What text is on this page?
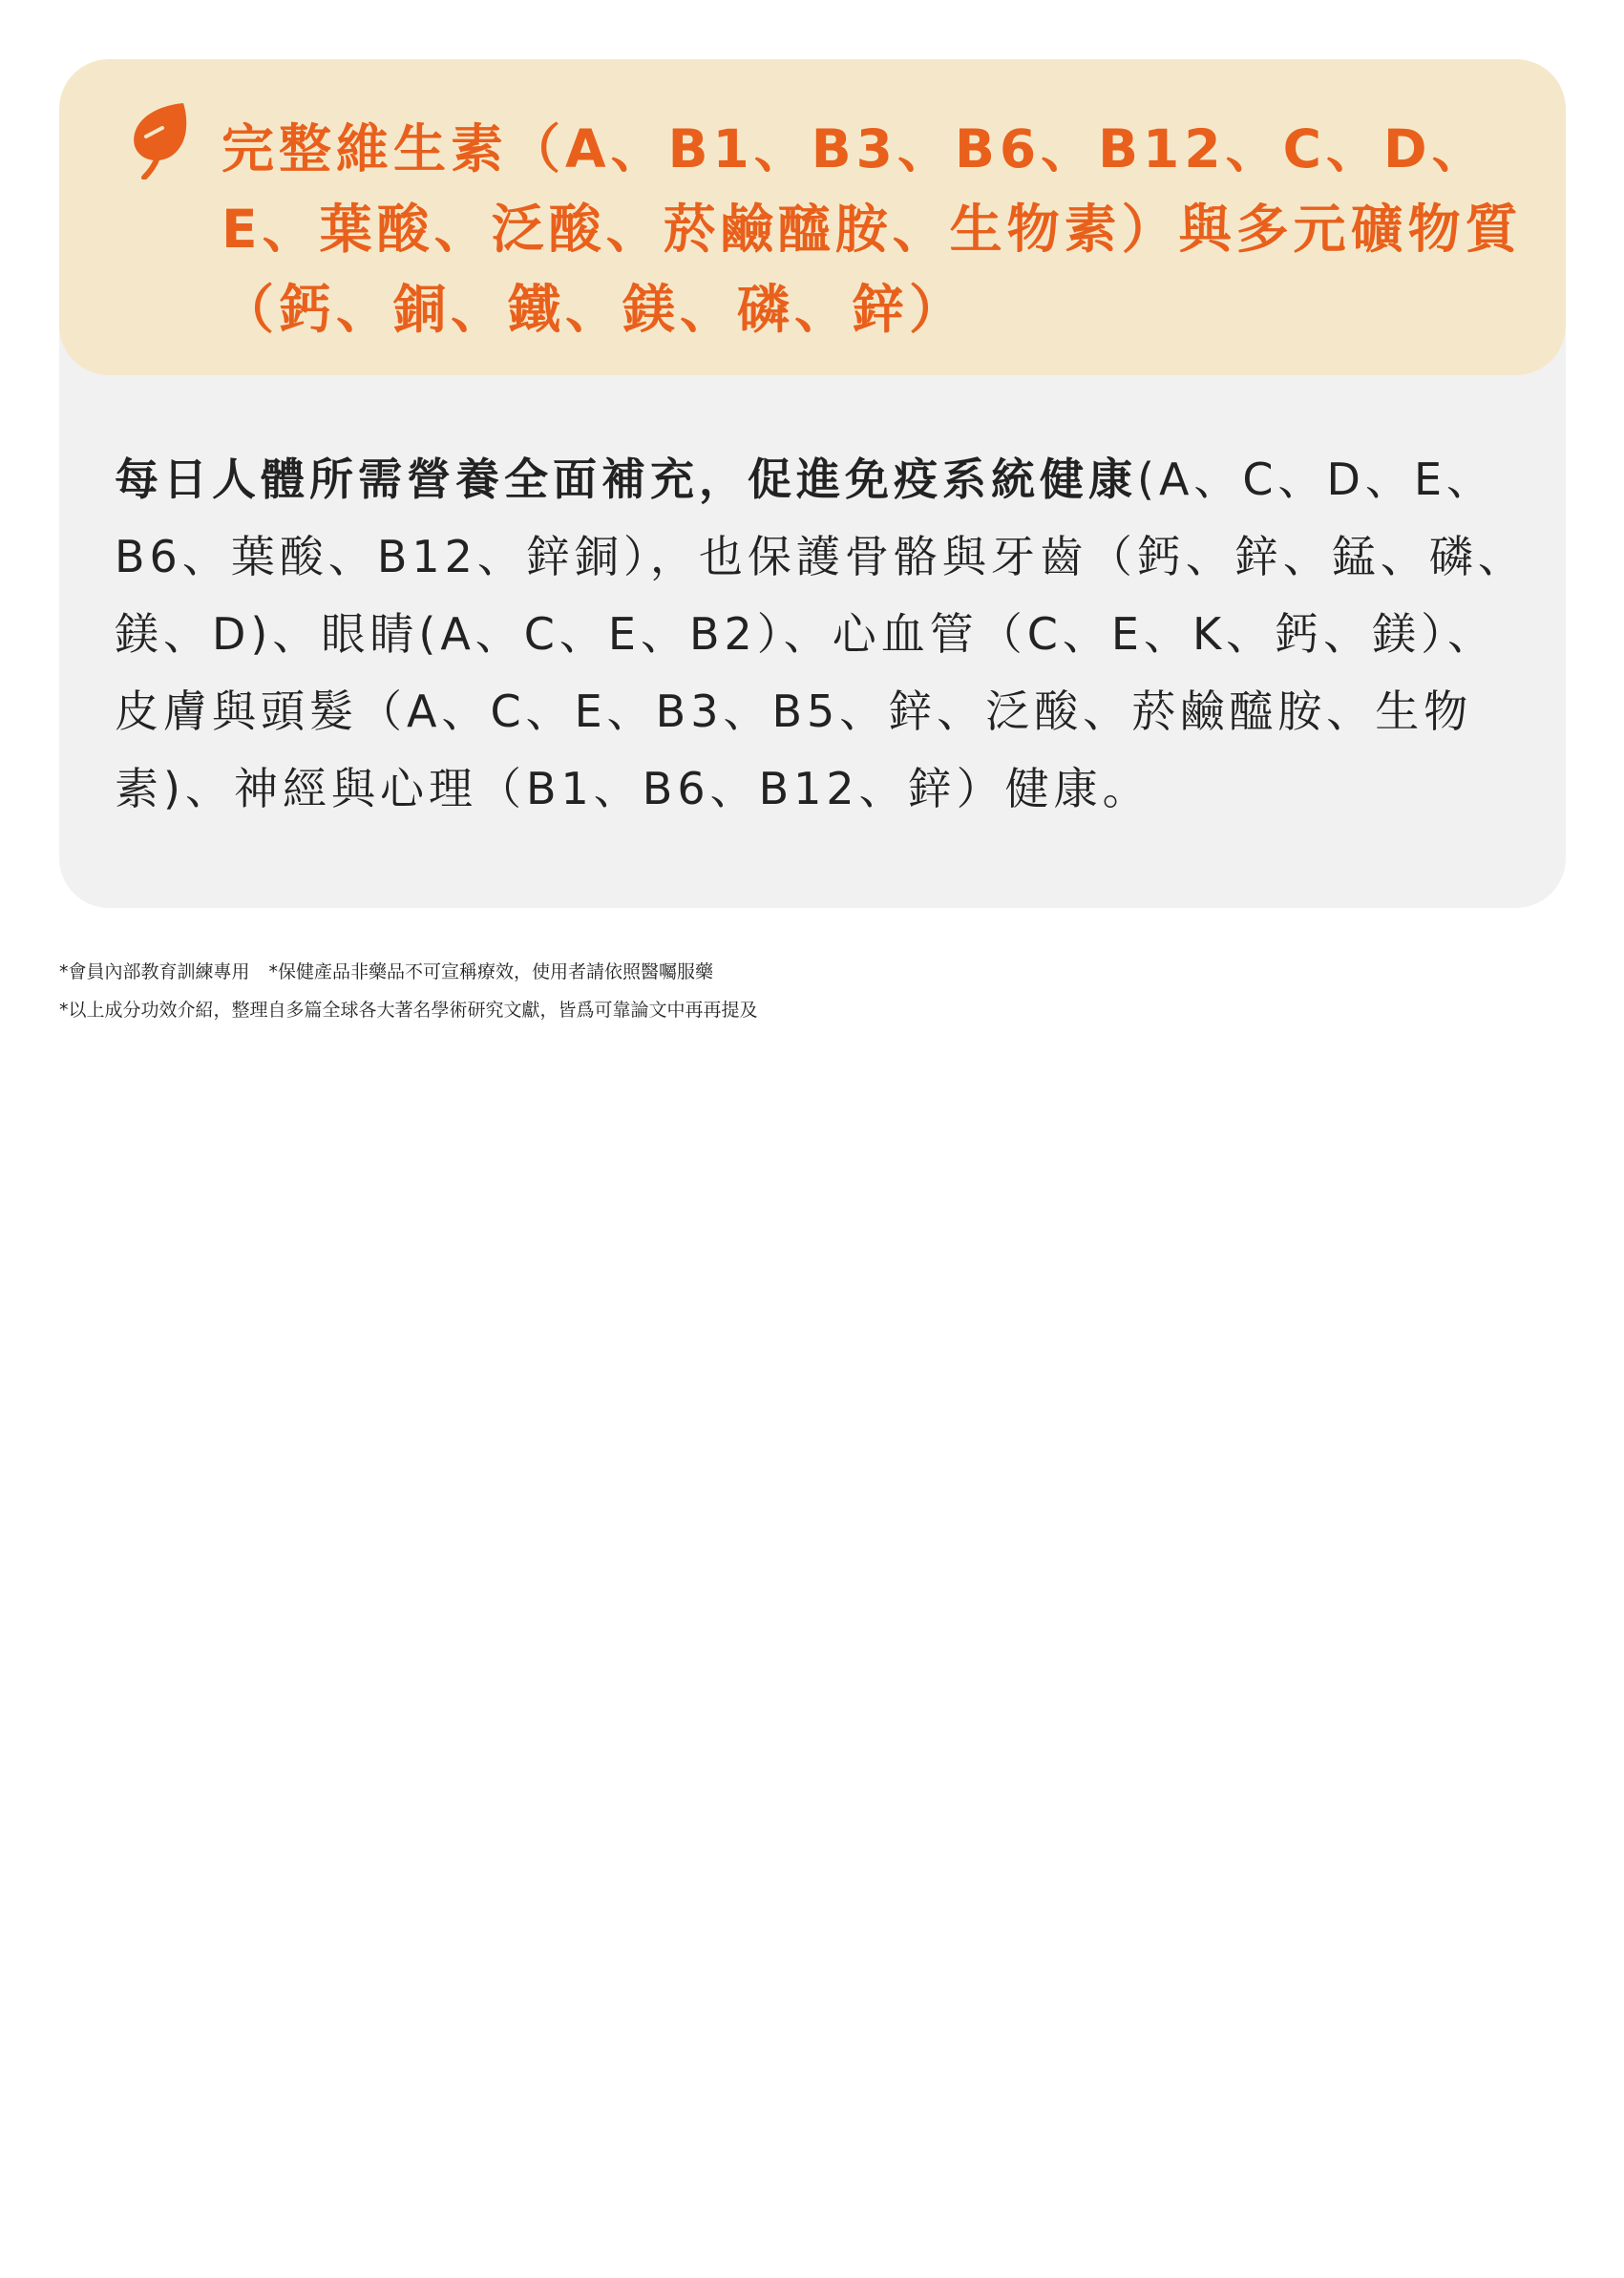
完整維生素（A、B1、B3、B6、B12、C、D、E、葉酸、泛酸、菸鹼醯胺、生物素）與多元礦物質（鈣、銅、鐵、鎂、磷、鋅）

每日人體所需營養全面補充，促進免疫系統健康(A、C、D、E、B6、葉酸、B12、鋅銅），也保護骨骼與牙齒（鈣、鋅、錳、磷、鎂、D)、眼睛(A、C、E、B2）、心血管（C、E、K、鈣、鎂）、皮膚與頭髮（A、C、E、B3、B5、鋅、泛酸、菸鹼醯胺、生物素)、神經與心理（B1、B6、B12、鋅）健康。

*會員內部教育訓練專用 *保健產品非藥品不可宣稱療效，使用者請依照醫囑服藥
*以上成分功效介紹，整理自多篇全球各大著名學術研究文獻，皆爲可靠論文中再再提及
